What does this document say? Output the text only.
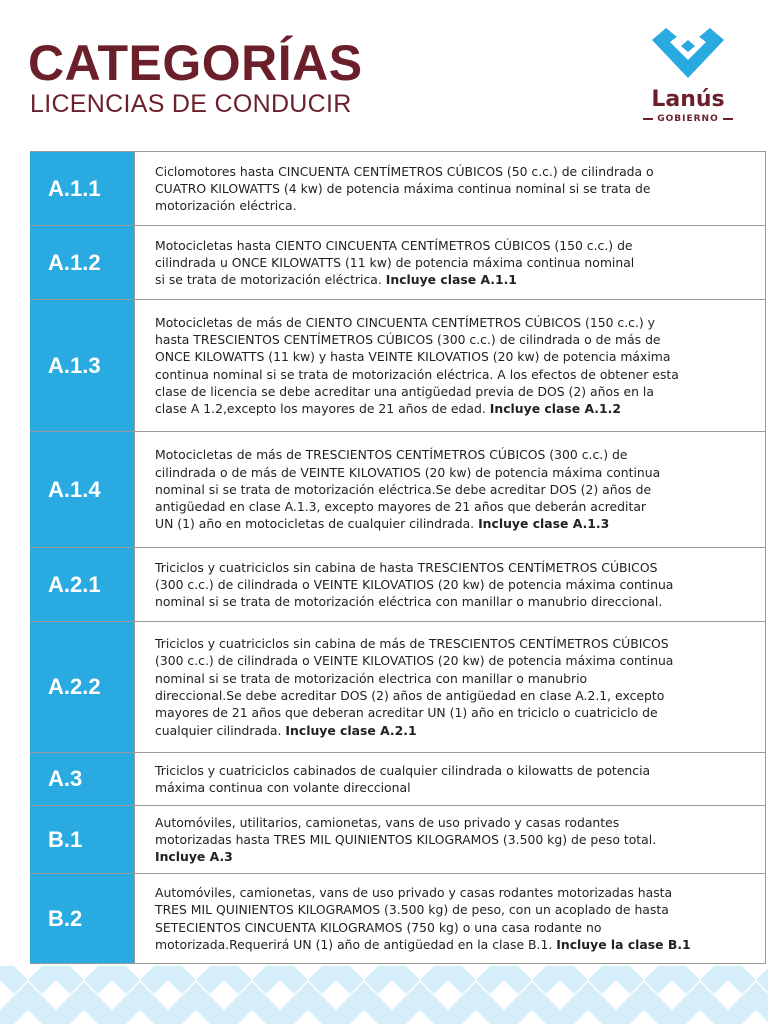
CATEGORÍAS
LICENCIAS DE CONDUCIR	Lanús
GOBIERNO
A.1.1
Ciclomotores hasta CINCUENTA CENTÍMETROS CÚBICOS (50 c.c.) de cilindrada o
CUATRO KILOWATTS (4 kw) de potencia máxima continua nominal si se trata de
motorización eléctrica.
A.1.2
Motocicletas hasta CIENTO CINCUENTA CENTÍMETROS CÚBICOS (150 c.c.) de
cilindrada u ONCE KILOWATTS (11 kw) de potencia máxima continua nominal
si se trata de motorización eléctrica. Incluye clase A.1.1
A.1.3
Motocicletas de más de CIENTO CINCUENTA CENTÍMETROS CÚBICOS (150 c.c.) y
hasta TRESCIENTOS CENTÍMETROS CÚBICOS (300 c.c.) de cilindrada o de más de
ONCE KILOWATTS (11 kw) y hasta VEINTE KILOVATIOS (20 kw) de potencia máxima
continua nominal si se trata de motorización eléctrica. A los efectos de obtener esta
clase de licencia se debe acreditar una antigüedad previa de DOS (2) años en la
clase A 1.2,excepto los mayores de 21 años de edad. Incluye clase A.1.2
A.1.4
Motocicletas de más de TRESCIENTOS CENTÍMETROS CÚBICOS (300 c.c.) de
cilindrada o de más de VEINTE KILOVATIOS (20 kw) de potencia máxima continua
nominal si se trata de motorización eléctrica.Se debe acreditar DOS (2) años de
antigüedad en clase A.1.3, excepto mayores de 21 años que deberán acreditar
UN (1) año en motocicletas de cualquier cilindrada. Incluye clase A.1.3
A.2.1
Triciclos y cuatriciclos sin cabina de hasta TRESCIENTOS CENTÍMETROS CÚBICOS
(300 c.c.) de cilindrada o VEINTE KILOVATIOS (20 kw) de potencia máxima continua
nominal si se trata de motorización eléctrica con manillar o manubrio direccional.
A.2.2
Triciclos y cuatriciclos sin cabina de más de TRESCIENTOS CENTÍMETROS CÚBICOS
(300 c.c.) de cilindrada o VEINTE KILOVATIOS (20 kw) de potencia máxima continua
nominal si se trata de motorización electrica con manillar o manubrio
direccional.Se debe acreditar DOS (2) años de antigüedad en clase A.2.1, excepto
mayores de 21 años que deberan acreditar UN (1) año en triciclo o cuatriciclo de
cualquier cilindrada. Incluye clase A.2.1
A.3	Triciclos y cuatriciclos cabinados de cualquier cilindrada o kilowatts de potencia
máxima continua con volante direccional
B.1
Automóviles, utilitarios, camionetas, vans de uso privado y casas rodantes
motorizadas hasta TRES MIL QUINIENTOS KILOGRAMOS (3.500 kg) de peso total.
Incluye A.3
B.2
Automóviles, camionetas, vans de uso privado y casas rodantes motorizadas hasta
TRES MIL QUINIENTOS KILOGRAMOS (3.500 kg) de peso, con un acoplado de hasta
SETECIENTOS CINCUENTA KILOGRAMOS (750 kg) o una casa rodante no
motorizada.Requerirá UN (1) año de antigüedad en la clase B.1. Incluye la clase B.1
